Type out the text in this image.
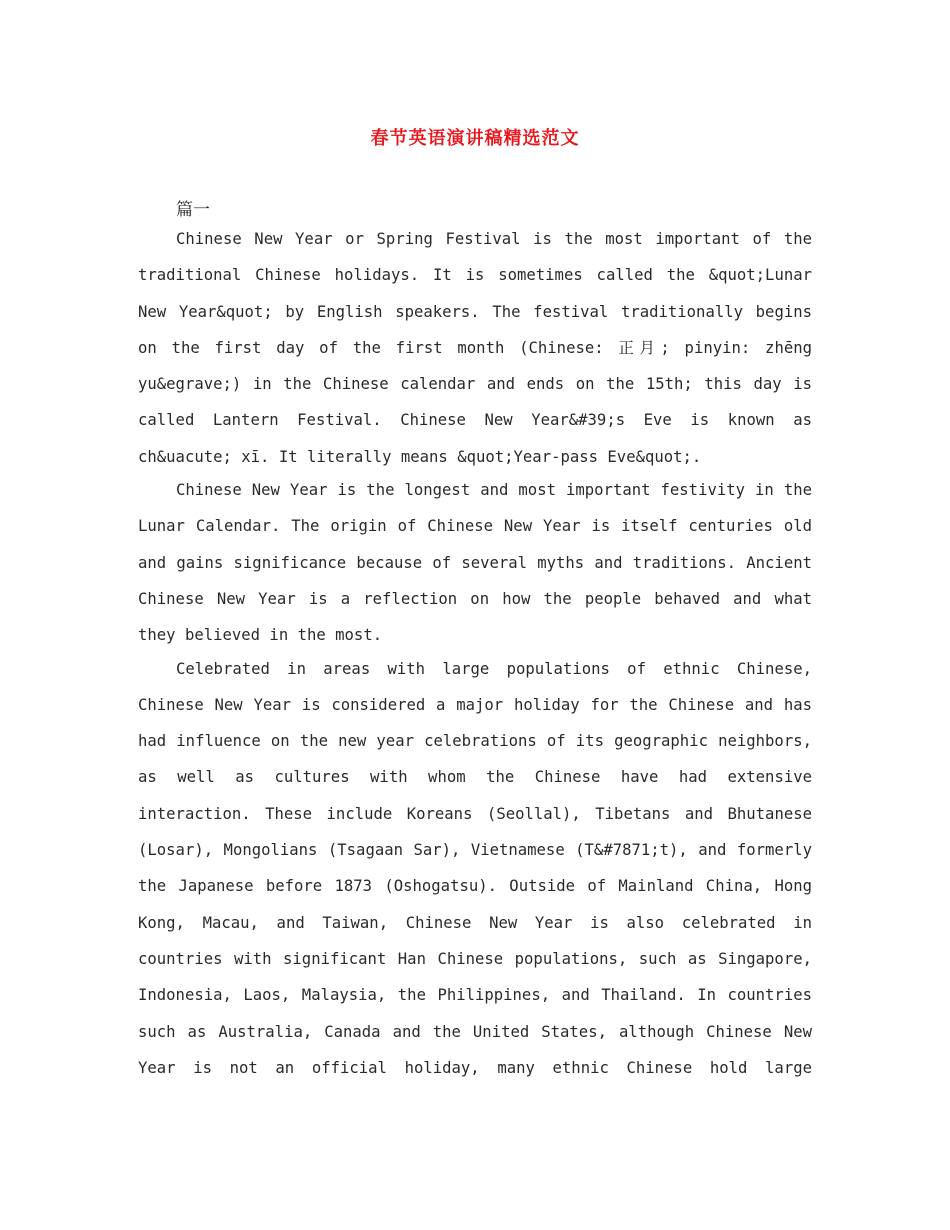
春节英语演讲稿精选范文
篇一

Chinese New Year or Spring Festival is the most important of the traditional Chinese holidays. It is sometimes called the &quot;Lunar New Year&quot; by English speakers. The festival traditionally begins on the first day of the first month (Chinese: 正月; pinyin: zhēng yu&egrave;) in the Chinese calendar and ends on the 15th; this day is called Lantern Festival. Chinese New Year&#39;s Eve is known as ch&uacute; xī. It literally means &quot;Year-pass Eve&quot;.

Chinese New Year is the longest and most important festivity in the Lunar Calendar. The origin of Chinese New Year is itself centuries old and gains significance because of several myths and traditions. Ancient Chinese New Year is a reflection on how the people behaved and what they believed in the most.

Celebrated in areas with large populations of ethnic Chinese, Chinese New Year is considered a major holiday for the Chinese and has had influence on the new year celebrations of its geographic neighbors, as well as cultures with whom the Chinese have had extensive interaction. These include Koreans (Seollal), Tibetans and Bhutanese (Losar), Mongolians (Tsagaan Sar), Vietnamese (T&#7871;t), and formerly the Japanese before 1873 (Oshogatsu). Outside of Mainland China, Hong Kong, Macau, and Taiwan, Chinese New Year is also celebrated in countries with significant Han Chinese populations, such as Singapore, Indonesia, Laos, Malaysia, the Philippines, and Thailand. In countries such as Australia, Canada and the United States, although Chinese New Year is not an official holiday, many ethnic Chinese hold large
